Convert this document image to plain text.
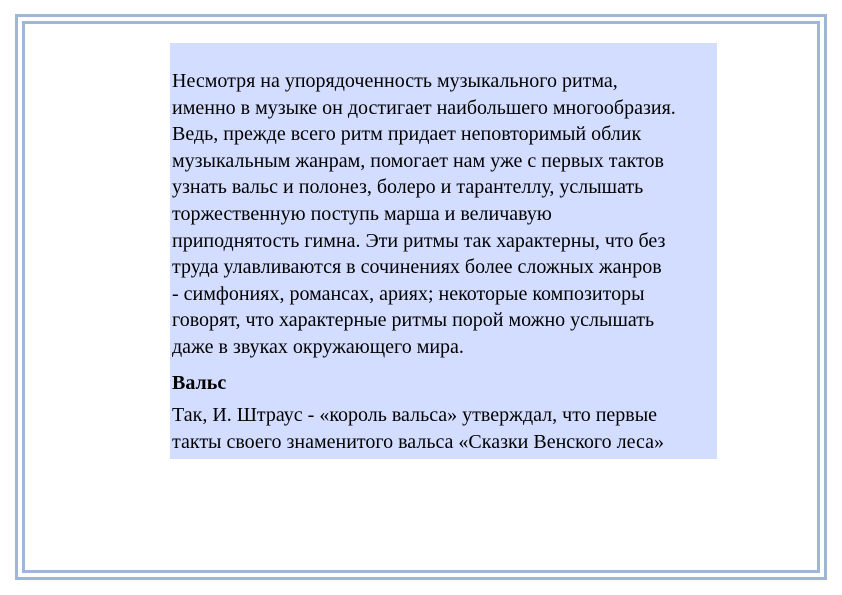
Несмотря на упорядоченность музыкального ритма,
именно в музыке он достигает наибольшего многообразия.
Ведь, прежде всего ритм придает неповторимый облик
музыкальным жанрам, помогает нам уже с первых тактов
узнать вальс и полонез, болеро и тарантеллу, услышать
торжественную поступь марша и величавую
приподнятость гимна. Эти ритмы так характерны, что без
труда улавливаются в сочинениях более сложных жанров
- симфониях, романсах, ариях; некоторые композиторы
говорят, что характерные ритмы порой можно услышать
даже в звуках окружающего мира.

Вальс

Так, И. Штраус - «король вальса» утверждал, что первые
такты своего знаменитого вальса «Сказки Венского леса»
